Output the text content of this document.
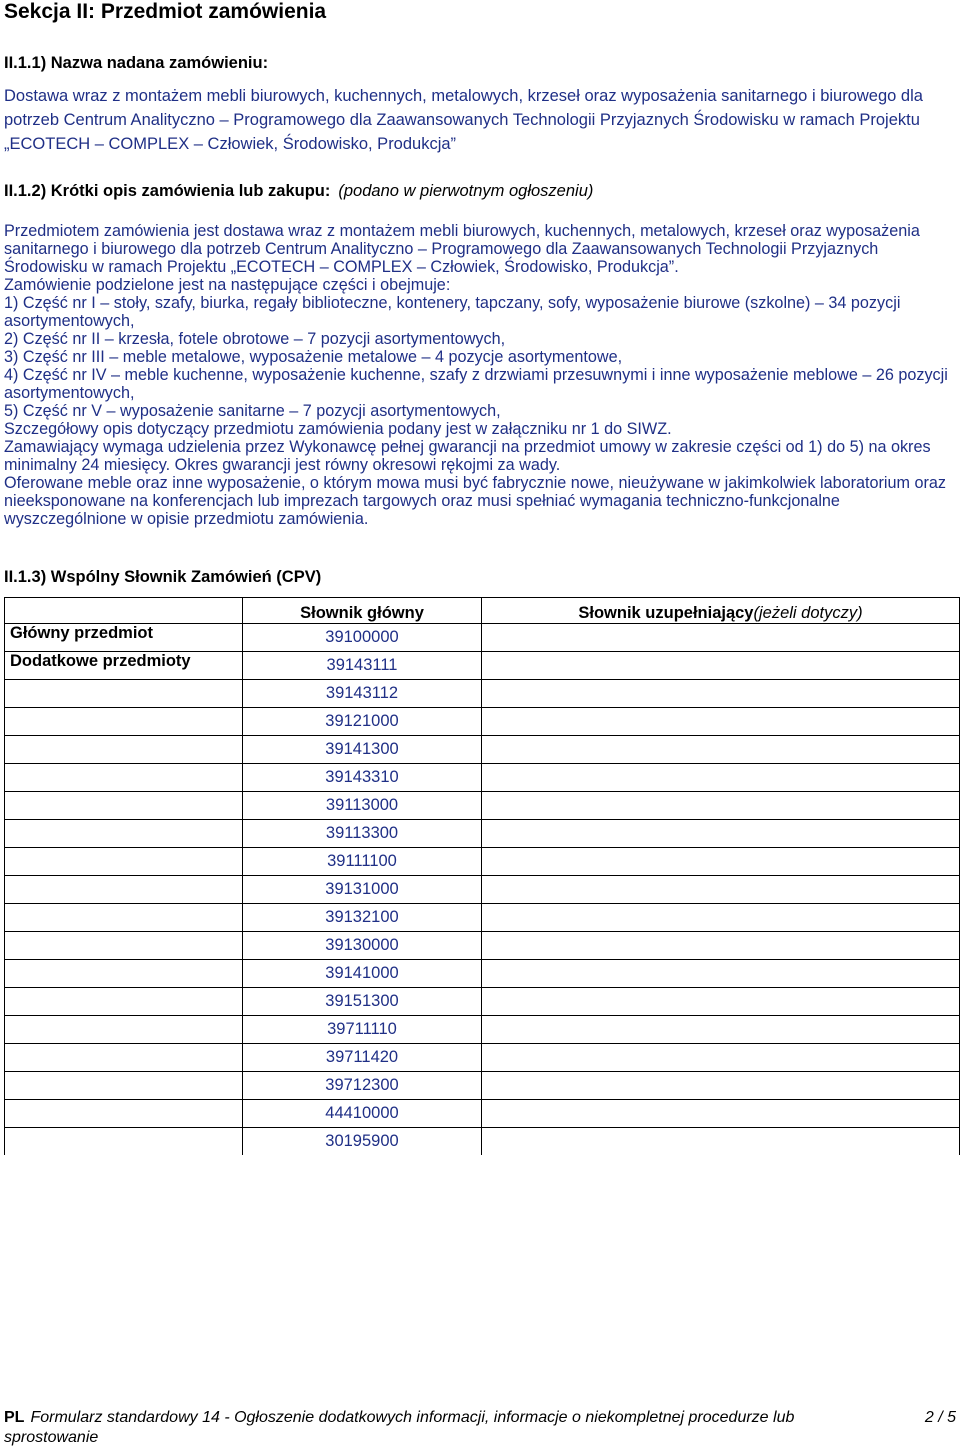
Sekcja II: Przedmiot zamówienia
II.1.1) Nazwa nadana zamówieniu:

Dostawa wraz z montażem mebli biurowych, kuchennych, metalowych, krzeseł oraz wyposażenia sanitarnego i biurowego dla potrzeb Centrum Analityczno – Programowego dla Zaawansowanych Technologii Przyjaznych Środowisku w ramach Projektu „ECOTECH – COMPLEX – Człowiek, Środowisko, Produkcja”

II.1.2) Krótki opis zamówienia lub zakupu: (podano w pierwotnym ogłoszeniu)

Przedmiotem zamówienia jest dostawa wraz z montażem mebli biurowych, kuchennych, metalowych, krzeseł oraz wyposażenia sanitarnego i biurowego dla potrzeb Centrum Analityczno – Programowego dla Zaawansowanych Technologii Przyjaznych Środowisku w ramach Projektu „ECOTECH – COMPLEX – Człowiek, Środowisko, Produkcja”.

Zamówienie podzielone jest na następujące części i obejmuje:

1) Część nr I – stoły, szafy, biurka, regały biblioteczne, kontenery, tapczany, sofy, wyposażenie biurowe (szkolne) – 34 pozycji asortymentowych,

2) Część nr II – krzesła, fotele obrotowe – 7 pozycji asortymentowych,

3) Część nr III – meble metalowe, wyposażenie metalowe – 4 pozycje asortymentowe,

4) Część nr IV – meble kuchenne, wyposażenie kuchenne, szafy z drzwiami przesuwnymi i inne wyposażenie meblowe – 26 pozycji asortymentowych,

5) Część nr V – wyposażenie sanitarne – 7 pozycji asortymentowych,

Szczegółowy opis dotyczący przedmiotu zamówienia podany jest w załączniku nr 1 do SIWZ.

Zamawiający wymaga udzielenia przez Wykonawcę pełnej gwarancji na przedmiot umowy w zakresie części od 1) do 5) na okres minimalny 24 miesięcy. Okres gwarancji jest równy okresowi rękojmi za wady.

Oferowane meble oraz inne wyposażenie, o którym mowa musi być fabrycznie nowe, nieużywane w jakimkolwiek laboratorium oraz nieeksponowane na konferencjach lub imprezach targowych oraz musi spełniać wymagania techniczno-funkcjonalne wyszczególnione w opisie przedmiotu zamówienia.

II.1.3) Wspólny Słownik Zamówień (CPV)
	Słownik główny	Słownik uzupełniający(jeżeli dotyczy)
Główny przedmiot	39100000	
Dodatkowe przedmioty	39143111	
	39143112	
	39121000	
	39141300	
	39143310	
	39113000	
	39113300	
	39111100	
	39131000	
	39132100	
	39130000	
	39141000	
	39151300	
	39711110	
	39711420	
	39712300	
	44410000	
	30195900	
PL Formularz standardowy 14 - Ogłoszenie dodatkowych informacji, informacje o niekompletnej procedurze lub
sprostowanie
2 / 5
